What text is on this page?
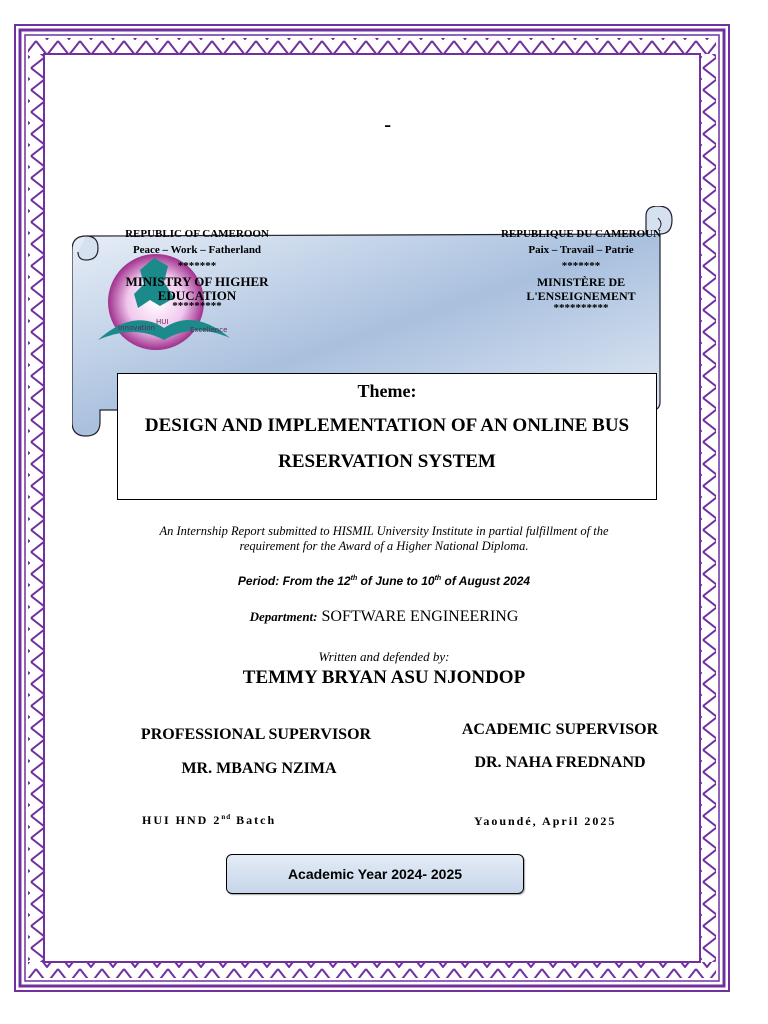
-
Innovation
HUI
Excellence
REPUBLIC OF CAMEROON
Peace – Work – Fatherland
*******
MINISTRY OF HIGHER
EDUCATION
*********
REPUBLIQUE DU CAMEROUN
Paix – Travail – Patrie
*******
MINISTÈRE DE
L'ENSEIGNEMENT
**********
Theme:
DESIGN AND IMPLEMENTATION OF AN ONLINE BUS
RESERVATION SYSTEM
An Internship Report submitted to HISMIL University Institute in partial fulfillment of the
requirement for the Award of a Higher National Diploma.
Period: From the 12th of June to 10th of August 2024
Department: SOFTWARE ENGINEERING
Written and defended by:
TEMMY BRYAN ASU NJONDOP
PROFESSIONAL SUPERVISOR
MR. MBANG NZIMA
ACADEMIC SUPERVISOR
DR. NAHA FREDNAND
HUI HND 2nd Batch	Yaoundé, April 2025
Academic Year 2024- 2025
